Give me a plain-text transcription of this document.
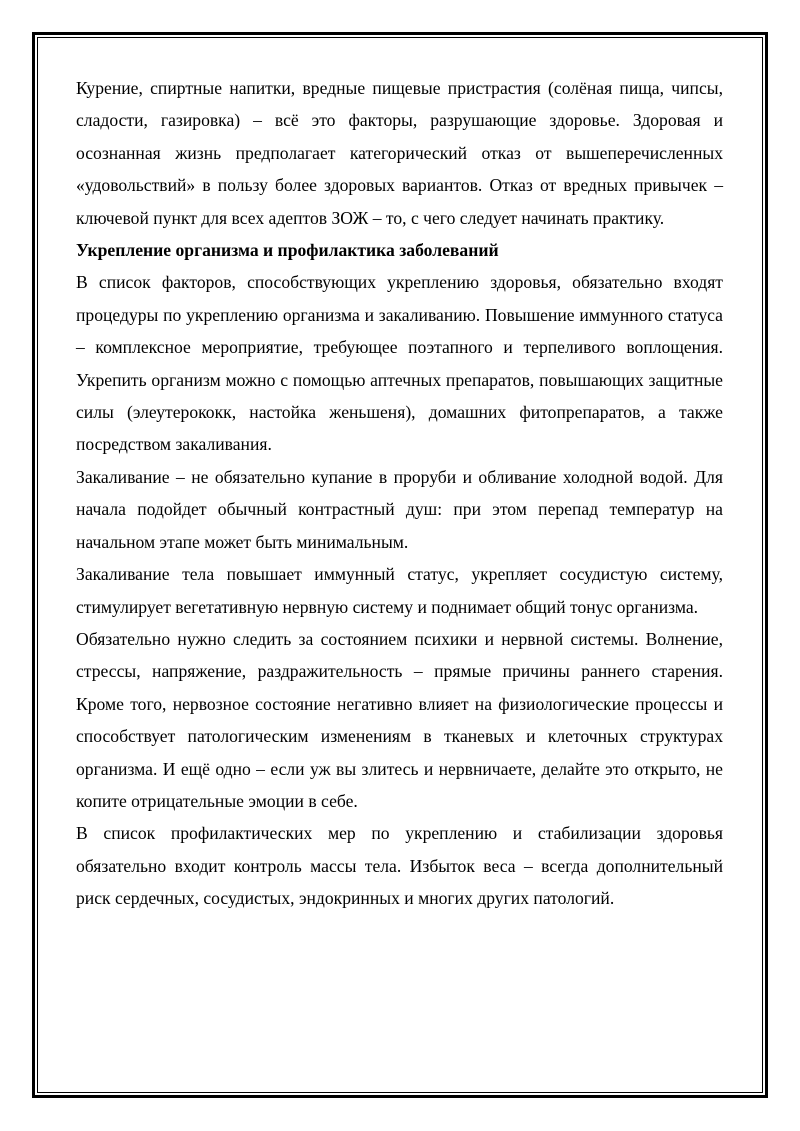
Курение, спиртные напитки, вредные пищевые пристрастия (солёная пища, чипсы, сладости, газировка) – всё это факторы, разрушающие здоровье. Здоровая и осознанная жизнь предполагает категорический отказ от вышеперечисленных «удовольствий» в пользу более здоровых вариантов. Отказ от вредных привычек – ключевой пункт для всех адептов ЗОЖ – то, с чего следует начинать практику.

Укрепление организма и профилактика заболеваний

В список факторов, способствующих укреплению здоровья, обязательно входят процедуры по укреплению организма и закаливанию. Повышение иммунного статуса – комплексное мероприятие, требующее поэтапного и терпеливого воплощения. Укрепить организм можно с помощью аптечных препаратов, повышающих защитные силы (элеутерококк, настойка женьшеня), домашних фитопрепаратов, а также посредством закаливания.

Закаливание – не обязательно купание в проруби и обливание холодной водой. Для начала подойдет обычный контрастный душ: при этом перепад температур на начальном этапе может быть минимальным.

Закаливание тела повышает иммунный статус, укрепляет сосудистую систему, стимулирует вегетативную нервную систему и поднимает общий тонус организма.

Обязательно нужно следить за состоянием психики и нервной системы. Волнение, стрессы, напряжение, раздражительность – прямые причины раннего старения. Кроме того, нервозное состояние негативно влияет на физиологические процессы и способствует патологическим изменениям в тканевых и клеточных структурах организма. И ещё одно – если уж вы злитесь и нервничаете, делайте это открыто, не копите отрицательные эмоции в себе.

В список профилактических мер по укреплению и стабилизации здоровья обязательно входит контроль массы тела. Избыток веса – всегда дополнительный риск сердечных, сосудистых, эндокринных и многих других патологий.
